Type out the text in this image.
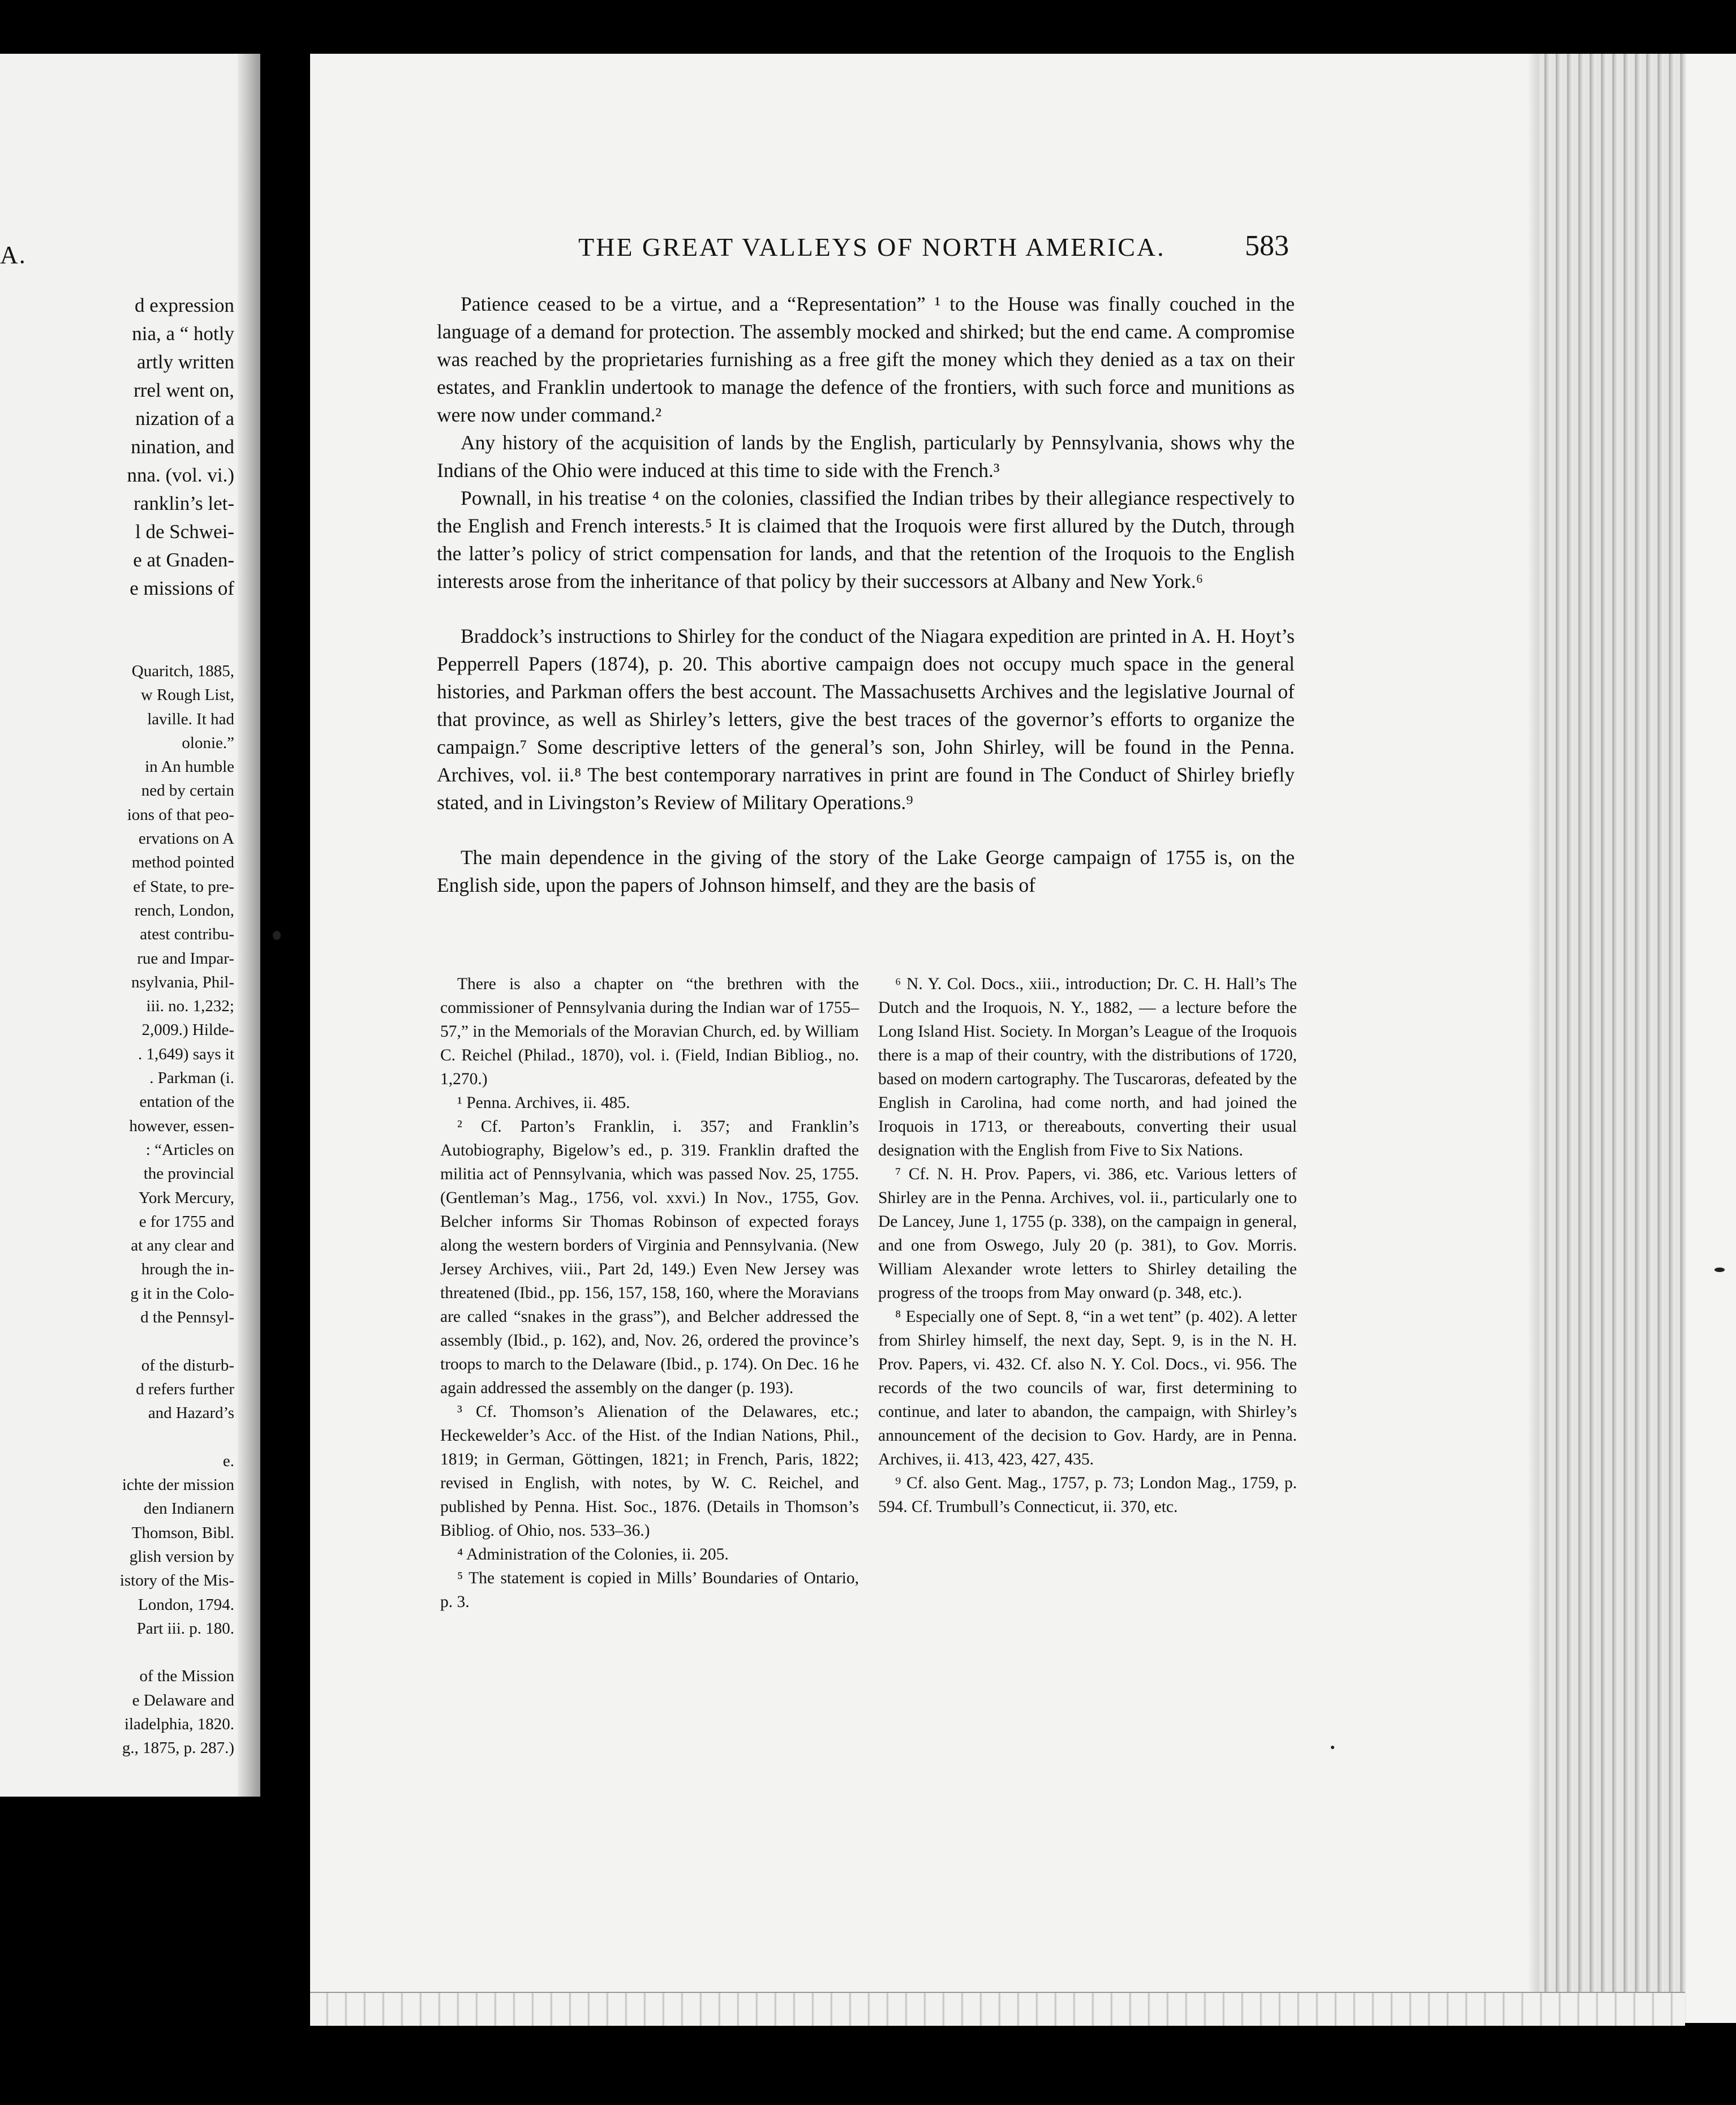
A.
d expression
nia, a “ hotly
artly written
rrel went on,
nization of a
nination, and
nna. (vol. vi.)
ranklin’s let-
l de Schwei-
e at Gnaden-
e missions of
Quaritch, 1885,
w Rough List,
laville. It had
olonie.”
in An humble
ned by certain
ions of that peo-
ervations on A
method pointed
ef State, to pre-
rench, London,
atest contribu-
rue and Impar-
nsylvania, Phil-
iii. no. 1,232;
2,009.) Hilde-
. 1,649) says it
. Parkman (i.
entation of the
however, essen-
: “Articles on
the provincial
York Mercury,
e for 1755 and
at any clear and
hrough the in-
g it in the Colo-
d the Pennsyl-

of the disturb-
d refers further
and Hazard’s

e.
ichte der mission
den Indianern
Thomson, Bibl.
glish version by
istory of the Mis-
London, 1794.
Part iii. p. 180.

of the Mission
e Delaware and
iladelphia, 1820.
g., 1875, p. 287.)
THE GREAT VALLEYS OF NORTH AMERICA.	583

Patience ceased to be a virtue, and a “Representation” ¹ to the House was finally couched in the language of a demand for protection. The assembly mocked and shirked; but the end came. A compromise was reached by the proprietaries furnishing as a free gift the money which they denied as a tax on their estates, and Franklin undertook to manage the defence of the frontiers, with such force and munitions as were now under command.²

Any history of the acquisition of lands by the English, particularly by Pennsylvania, shows why the Indians of the Ohio were induced at this time to side with the French.³

Pownall, in his treatise ⁴ on the colonies, classified the Indian tribes by their allegiance respectively to the English and French interests.⁵ It is claimed that the Iroquois were first allured by the Dutch, through the latter’s policy of strict compensation for lands, and that the retention of the Iroquois to the English interests arose from the inheritance of that policy by their successors at Albany and New York.⁶

Braddock’s instructions to Shirley for the conduct of the Niagara expedition are printed in A. H. Hoyt’s Pepperrell Papers (1874), p. 20. This abortive campaign does not occupy much space in the general histories, and Parkman offers the best account. The Massachusetts Archives and the legislative Journal of that province, as well as Shirley’s letters, give the best traces of the governor’s efforts to organize the campaign.⁷ Some descriptive letters of the general’s son, John Shirley, will be found in the Penna. Archives, vol. ii.⁸ The best contemporary narratives in print are found in The Conduct of Shirley briefly stated, and in Livingston’s Review of Military Operations.⁹

The main dependence in the giving of the story of the Lake George campaign of 1755 is, on the English side, upon the papers of Johnson himself, and they are the basis of

There is also a chapter on “the brethren with the commissioner of Pennsylvania during the Indian war of 1755–57,” in the Memorials of the Moravian Church, ed. by William C. Reichel (Philad., 1870), vol. i. (Field, Indian Bibliog., no. 1,270.)

¹ Penna. Archives, ii. 485.

² Cf. Parton’s Franklin, i. 357; and Franklin’s Autobiography, Bigelow’s ed., p. 319. Franklin drafted the militia act of Pennsylvania, which was passed Nov. 25, 1755. (Gentleman’s Mag., 1756, vol. xxvi.) In Nov., 1755, Gov. Belcher informs Sir Thomas Robinson of expected forays along the western borders of Virginia and Pennsylvania. (New Jersey Archives, viii., Part 2d, 149.) Even New Jersey was threatened (Ibid., pp. 156, 157, 158, 160, where the Moravians are called “snakes in the grass”), and Belcher addressed the assembly (Ibid., p. 162), and, Nov. 26, ordered the province’s troops to march to the Delaware (Ibid., p. 174). On Dec. 16 he again addressed the assembly on the danger (p. 193).

³ Cf. Thomson’s Alienation of the Delawares, etc.; Heckewelder’s Acc. of the Hist. of the Indian Nations, Phil., 1819; in German, Göttingen, 1821; in French, Paris, 1822; revised in English, with notes, by W. C. Reichel, and published by Penna. Hist. Soc., 1876. (Details in Thomson’s Bibliog. of Ohio, nos. 533–36.)

⁴ Administration of the Colonies, ii. 205.

⁵ The statement is copied in Mills’ Boundaries of Ontario, p. 3.

⁶ N. Y. Col. Docs., xiii., introduction; Dr. C. H. Hall’s The Dutch and the Iroquois, N. Y., 1882, — a lecture before the Long Island Hist. Society. In Morgan’s League of the Iroquois there is a map of their country, with the distributions of 1720, based on modern cartography. The Tuscaroras, defeated by the English in Carolina, had come north, and had joined the Iroquois in 1713, or thereabouts, converting their usual designation with the English from Five to Six Nations.

⁷ Cf. N. H. Prov. Papers, vi. 386, etc. Various letters of Shirley are in the Penna. Archives, vol. ii., particularly one to De Lancey, June 1, 1755 (p. 338), on the campaign in general, and one from Oswego, July 20 (p. 381), to Gov. Morris. William Alexander wrote letters to Shirley detailing the progress of the troops from May onward (p. 348, etc.).

⁸ Especially one of Sept. 8, “in a wet tent” (p. 402). A letter from Shirley himself, the next day, Sept. 9, is in the N. H. Prov. Papers, vi. 432. Cf. also N. Y. Col. Docs., vi. 956. The records of the two councils of war, first determining to continue, and later to abandon, the campaign, with Shirley’s announcement of the decision to Gov. Hardy, are in Penna. Archives, ii. 413, 423, 427, 435.

⁹ Cf. also Gent. Mag., 1757, p. 73; London Mag., 1759, p. 594. Cf. Trumbull’s Connecticut, ii. 370, etc.
